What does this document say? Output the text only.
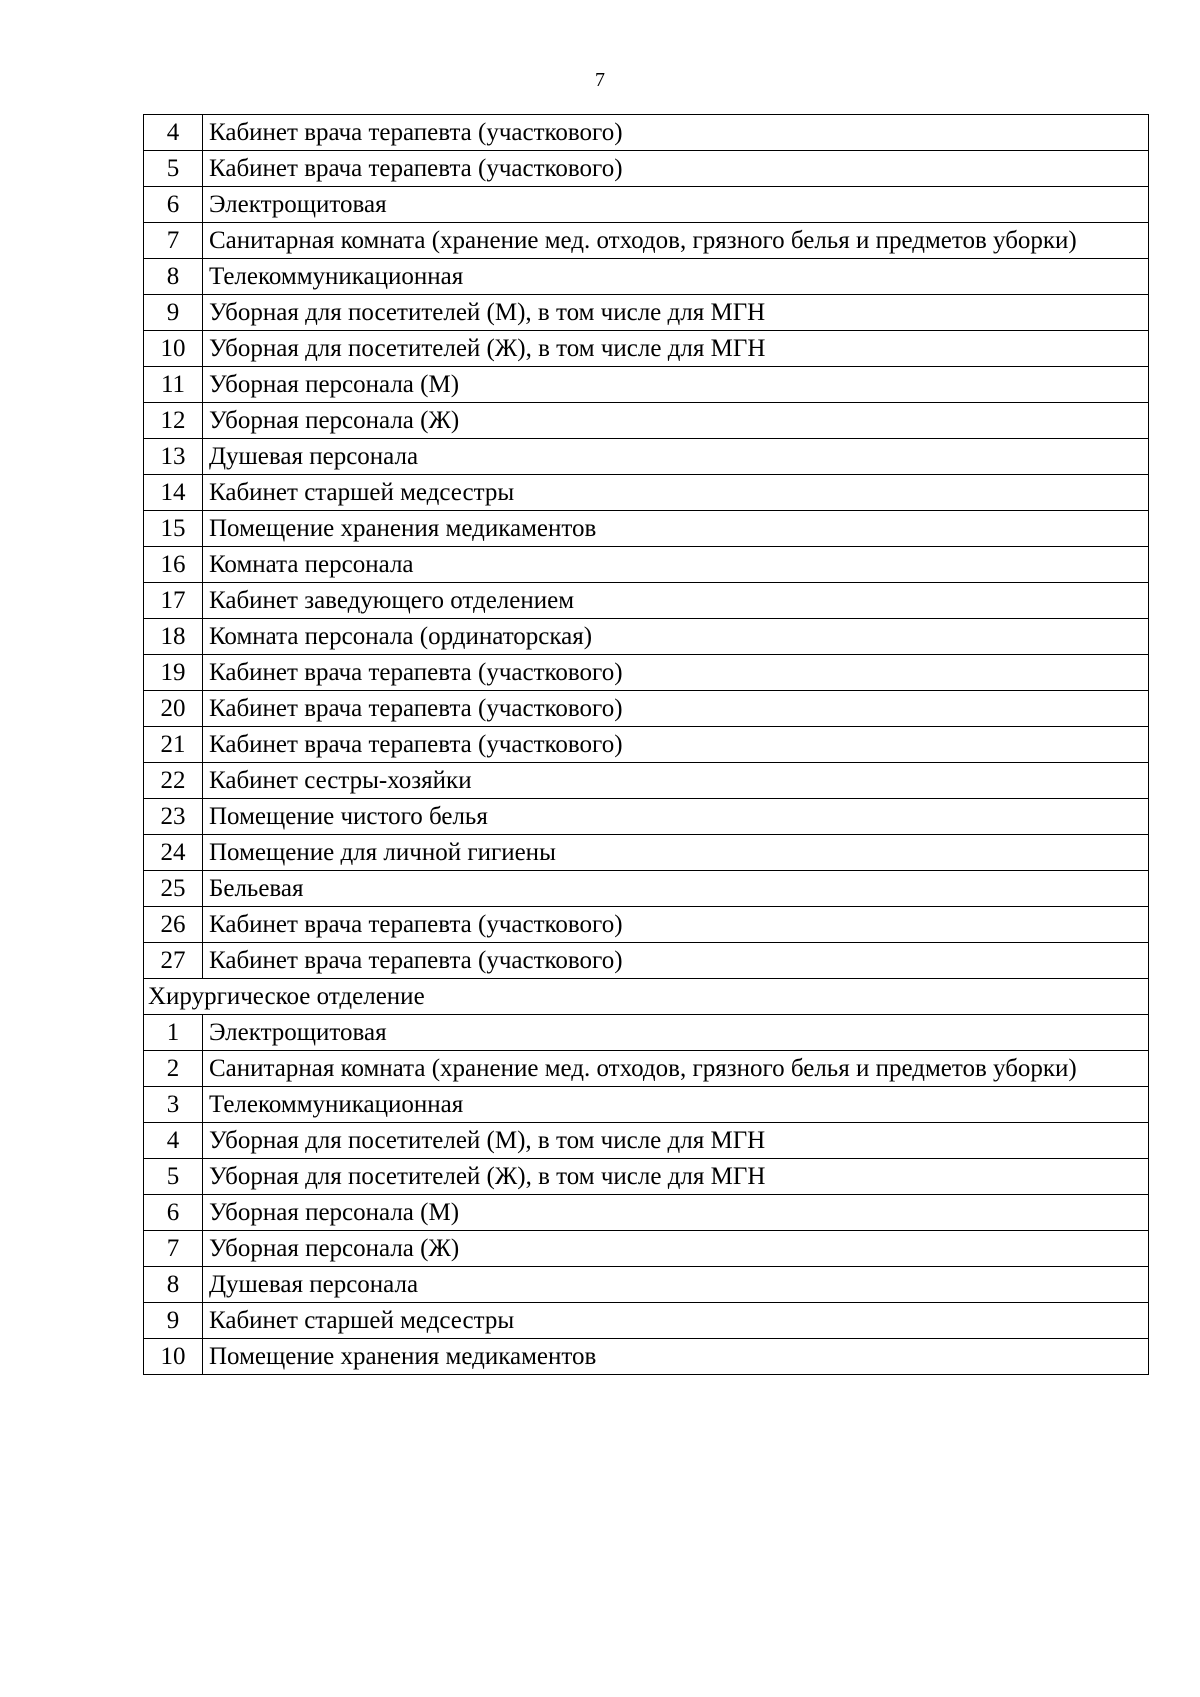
7
4	Кабинет врача терапевта (участкового)
5	Кабинет врача терапевта (участкового)
6	Электрощитовая
7	Санитарная комната (хранение мед. отходов, грязного белья и предметов уборки)
8	Телекоммуникационная
9	Уборная для посетителей (М), в том числе для МГН
10	Уборная для посетителей (Ж), в том числе для МГН
11	Уборная персонала (М)
12	Уборная персонала (Ж)
13	Душевая персонала
14	Кабинет старшей медсестры
15	Помещение хранения медикаментов
16	Комната персонала
17	Кабинет заведующего отделением
18	Комната персонала (ординаторская)
19	Кабинет врача терапевта (участкового)
20	Кабинет врача терапевта (участкового)
21	Кабинет врача терапевта (участкового)
22	Кабинет сестры-хозяйки
23	Помещение чистого белья
24	Помещение для личной гигиены
25	Бельевая
26	Кабинет врача терапевта (участкового)
27	Кабинет врача терапевта (участкового)
Хирургическое отделение	
1	Электрощитовая
2	Санитарная комната (хранение мед. отходов, грязного белья и предметов уборки)
3	Телекоммуникационная
4	Уборная для посетителей (М), в том числе для МГН
5	Уборная для посетителей (Ж), в том числе для МГН
6	Уборная персонала (М)
7	Уборная персонала (Ж)
8	Душевая персонала
9	Кабинет старшей медсестры
10	Помещение хранения медикаментов
